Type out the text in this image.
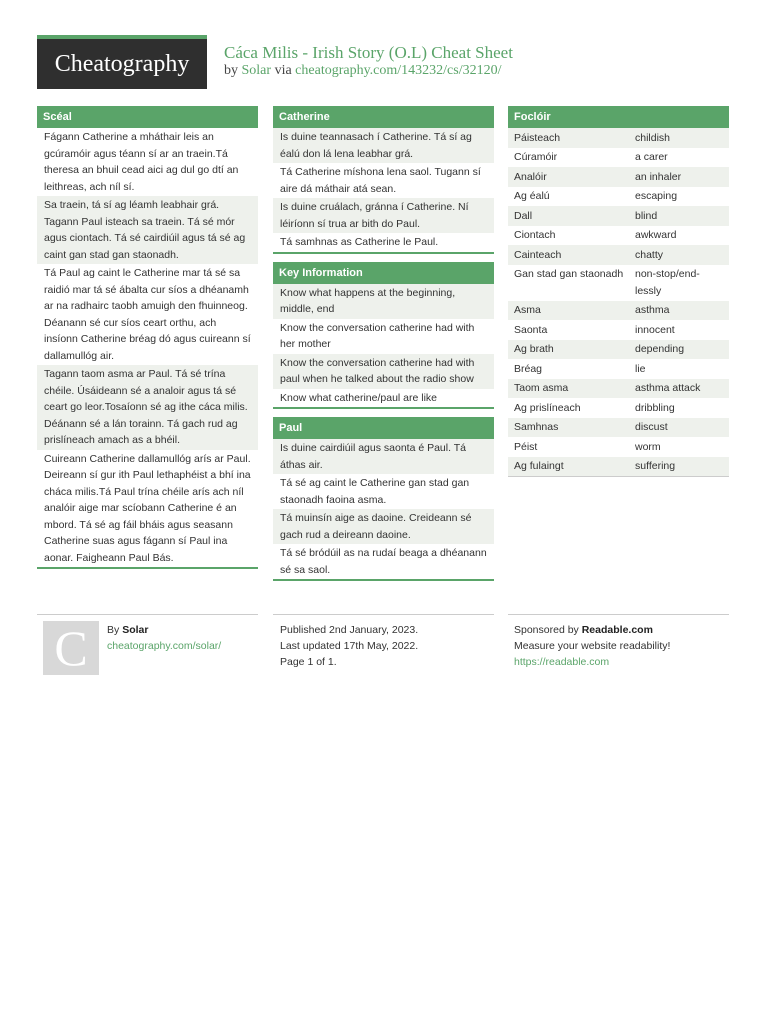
Cheatography Cáca Milis - Irish Story (O.L) Cheat Sheet
by Solar via cheatography.com/143232/cs/32120/
Scéal
Fágann Catherine a mháthair leis an gcúramóir agus téann sí ar an traein.Tá theresa an bhuil cead aici ag dul go dtí an leithreas, ach níl sí.
Sa traein, tá sí ag léamh leabhair grá. Tagann Paul isteach sa traein. Tá sé mór agus ciontach. Tá sé cairdiúil agus tá sé ag caint gan stad gan staonadh.
Tá Paul ag caint le Catherine mar tá sé sa raidió mar tá sé ábalta cur síos a dhéanamh ar na radhairc taobh amuigh den fhuinneog. Déanann sé cur síos ceart orthu, ach insíonn Catherine bréag dó agus cuireann sí dallamullóg air.
Tagann taom asma ar Paul. Tá sé trína chéile. Úsáideann sé a analoir agus tá sé ceart go leor.Tosaíonn sé ag ithe cáca milis. Déánann sé a lán torainn. Tá gach rud ag prislíneach amach as a bhéil.
Cuireann Catherine dallamullóg arís ar Paul. Deireann sí gur ith Paul lethaphéist a bhí ina cháca milis.Tá Paul trína chéile arís ach níl analóir aige mar scíobann Catherine é an mbord. Tá sé ag fáil bháis agus seasann Catherine suas agus fágann sí Paul ina aonar. Faigheann Paul Bás.
Catherine
Is duine teannasach í Catherine. Tá sí ag éalú don lá lena leabhar grá.
Tá Catherine míshona lena saol. Tugann sí aire dá máthair atá sean.
Is duine cruálach, gránna í Catherine. Ní léiríonn sí trua ar bith do Paul.
Tá samhnas as Catherine le Paul.
Key Information
Know what happens at the beginning, middle, end
Know the conversation catherine had with her mother
Know the conversation catherine had with paul when he talked about the radio show
Know what catherine/paul are like
Paul
Is duine cairdiúil agus saonta é Paul. Tá áthas air.
Tá sé ag caint le Catherine gan stad gan staonadh faoina asma.
Tá muinsín aige as daoine. Creideann sé gach rud a deireann daoine.
Tá sé bródúil as na rudaí beaga a dhéanann sé sa saol.
Foclóir
Páisteach	childish
Cúramóir	a carer
Analóir	an inhaler
Ag éalú	escaping
Dall	blind
Ciontach	awkward
Cainteach	chatty
Gan stad gan staonadh	non-stop/end-lessly
Asma	asthma
Saonta	innocent
Ag brath	depending
Bréag	lie
Taom asma	asthma attack
Ag prislíneach	dribbling
Samhnas	discust
Péist	worm
Ag fulaingt	suffering
C By Solar
cheatography.com/solar/
Published 2nd January, 2023.
Last updated 17th May, 2022.
Page 1 of 1.
Sponsored by Readable.com
Measure your website readability!
https://readable.com
